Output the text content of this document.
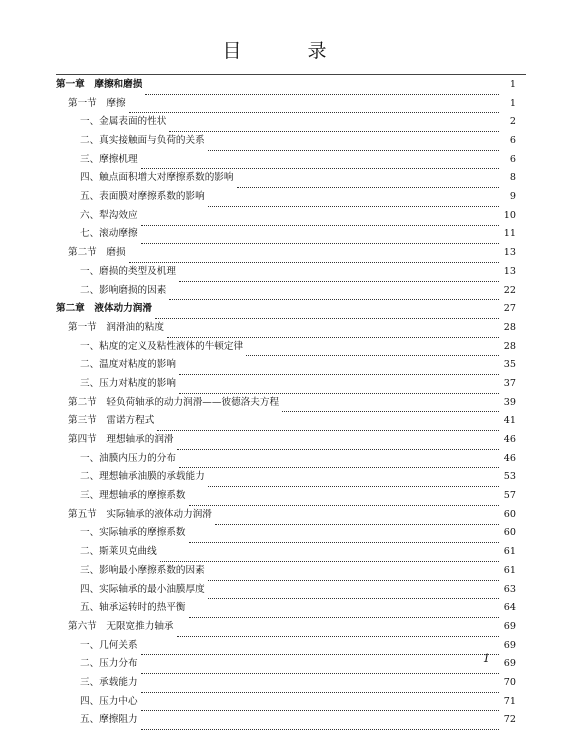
目 录
第一章　摩擦和磨损	1
第一节　摩擦	1
一、金属表面的性状	2
二、真实接触面与负荷的关系	6
三、摩擦机理	6
四、触点面积增大对摩擦系数的影响	8
五、表面膜对摩擦系数的影响	9
六、犁沟效应	10
七、滚动摩擦	11
第二节　磨损	13
一、磨损的类型及机理	13
二、影响磨损的因素	22
第二章　液体动力润滑	27
第一节　润滑油的粘度	28
一、粘度的定义及粘性液体的牛顿定律	28
二、温度对粘度的影响	35
三、压力对粘度的影响	37
第二节　轻负荷轴承的动力润滑——彼德洛夫方程	39
第三节　雷诺方程式	41
第四节　理想轴承的润滑	46
一、油膜内压力的分布	46
二、理想轴承油膜的承载能力	53
三、理想轴承的摩擦系数	57
第五节　实际轴承的液体动力润滑	60
一、实际轴承的摩擦系数	60
二、斯莱贝克曲线	61
三、影响最小摩擦系数的因素	61
四、实际轴承的最小油膜厚度	63
五、轴承运转时的热平衡	64
第六节　无限宽推力轴承	69
一、几何关系	69
二、压力分布	69
三、承载能力	70
四、压力中心	71
五、摩擦阻力	72
1
